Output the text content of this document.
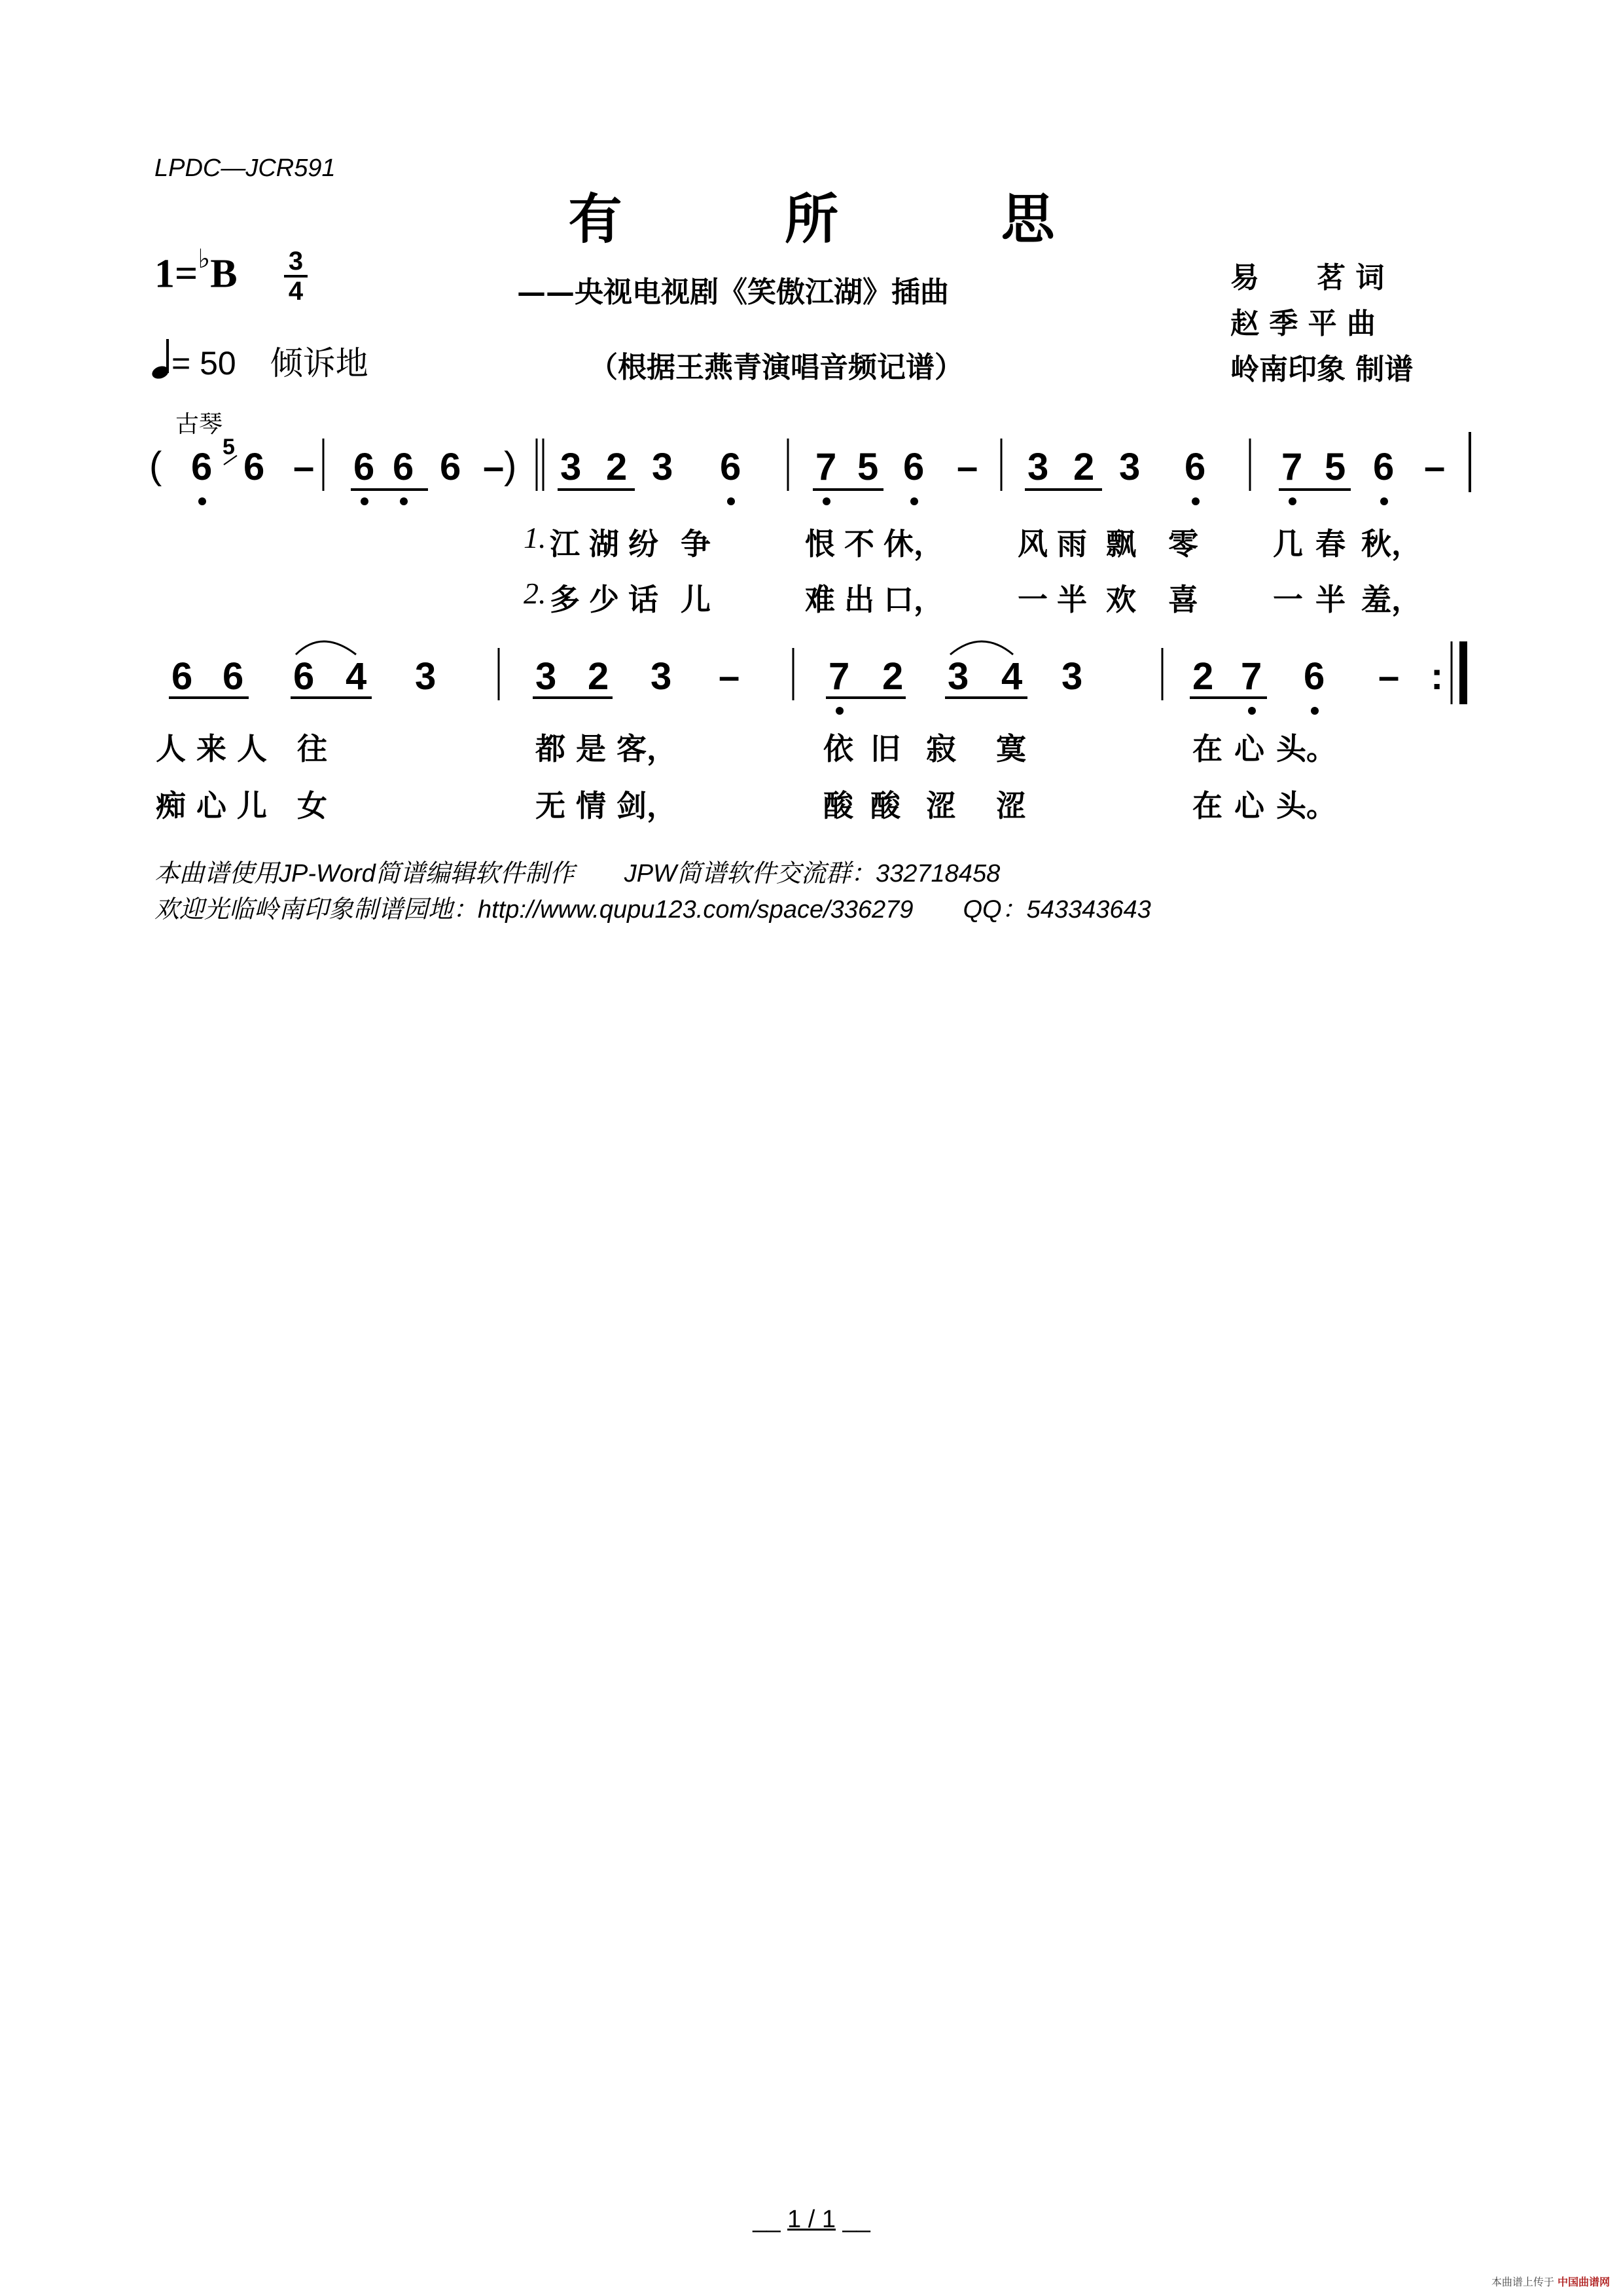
LPDC—JCR591
有 所 思
1=♭B 3
4	——央视电视剧《笑傲江湖》插曲	易　　茗 词
赵 季 平 曲
岭南印象 制谱
= 50 倾诉地	（根据王燕青演唱音频记谱）
古琴
(	5	)
6 6 – 6 6 6 – 3 2 3 6 7 5 6 – 3 2 3 6 7 5 6 –
1.
2.
江
多
湖
少
纷
话
争
儿
恨
难
不
出
休，
口，
风
一
雨
半
飘
欢
零
喜
几
一
春
半
秋，
羞，
6 6 6 4 3	3 2 3 – 7 2 3 4 3	2 7 6 –
人
痴
来
心
人
儿
往
女
都
无
是
情
客，
剑，
依
酸
旧
酸
寂
涩
寞
涩
在
在
心
心
头。
头。
:
本曲谱使用JP-Word简谱编辑软件制作　　JPW简谱软件交流群：332718458
欢迎光临岭南印象制谱园地：http://www.qupu123.com/space/336279　　QQ：543343643
__ 1 / 1 __
本曲谱上传于 中国曲谱网
